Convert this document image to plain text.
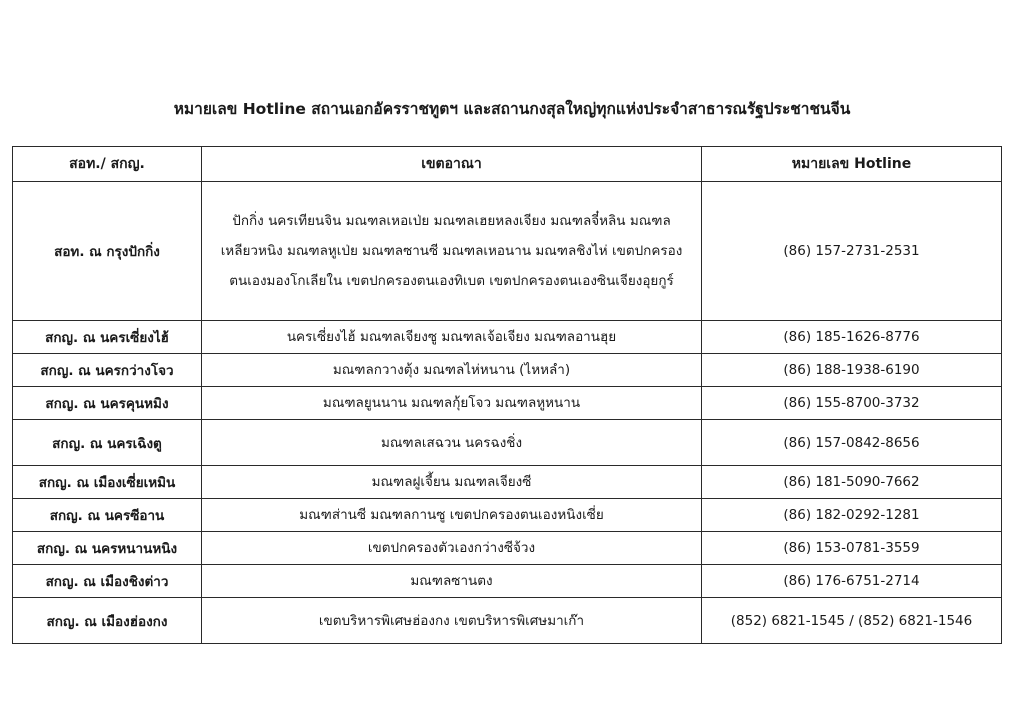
หมายเลข Hotline สถานเอกอัครราชทูตฯ และสถานกงสุลใหญ่ทุกแห่งประจำสาธารณรัฐประชาชนจีน
สอท./ สกญ.	เขตอาณา	หมายเลข Hotline
สอท. ณ กรุงปักกิ่ง	ปักกิ่ง นครเทียนจิน มณฑลเหอเป่ย มณฑลเฮยหลงเจียง มณฑลจี๋หลิน มณฑล
เหลียวหนิง มณฑลหูเป่ย มณฑลซานซี มณฑลเหอนาน มณฑลชิงไห่ เขตปกครอง
ตนเองมองโกเลียใน เขตปกครองตนเองทิเบต เขตปกครองตนเองซินเจียงอุยกูร์	(86) 157-2731-2531
สกญ. ณ นครเซี่ยงไฮ้	นครเซี่ยงไฮ้ มณฑลเจียงซู มณฑลเจ้อเจียง มณฑลอานฮุย	(86) 185-1626-8776
สกญ. ณ นครกว่างโจว	มณฑลกวางตุ้ง มณฑลไห่หนาน (ไหหลำ)	(86) 188-1938-6190
สกญ. ณ นครคุนหมิง	มณฑลยูนนาน มณฑลกุ้ยโจว มณฑลหูหนาน	(86) 155-8700-3732
สกญ. ณ นครเฉิงตู	มณฑลเสฉวน นครฉงชิ่ง	(86) 157-0842-8656
สกญ. ณ เมืองเซี่ยเหมิน	มณฑลฝูเจี้ยน มณฑลเจียงซี	(86) 181-5090-7662
สกญ. ณ นครซีอาน	มณฑส่านซี มณฑลกานซู เขตปกครองตนเองหนิงเซี่ย	(86) 182-0292-1281
สกญ. ณ นครหนานหนิง	เขตปกครองตัวเองกว่างซีจ้วง	(86) 153-0781-3559
สกญ. ณ เมืองชิงต่าว	มณฑลซานตง	(86) 176-6751-2714
สกญ. ณ เมืองฮ่องกง	เขตบริหารพิเศษฮ่องกง เขตบริหารพิเศษมาเก๊า	(852) 6821-1545 / (852) 6821-1546
